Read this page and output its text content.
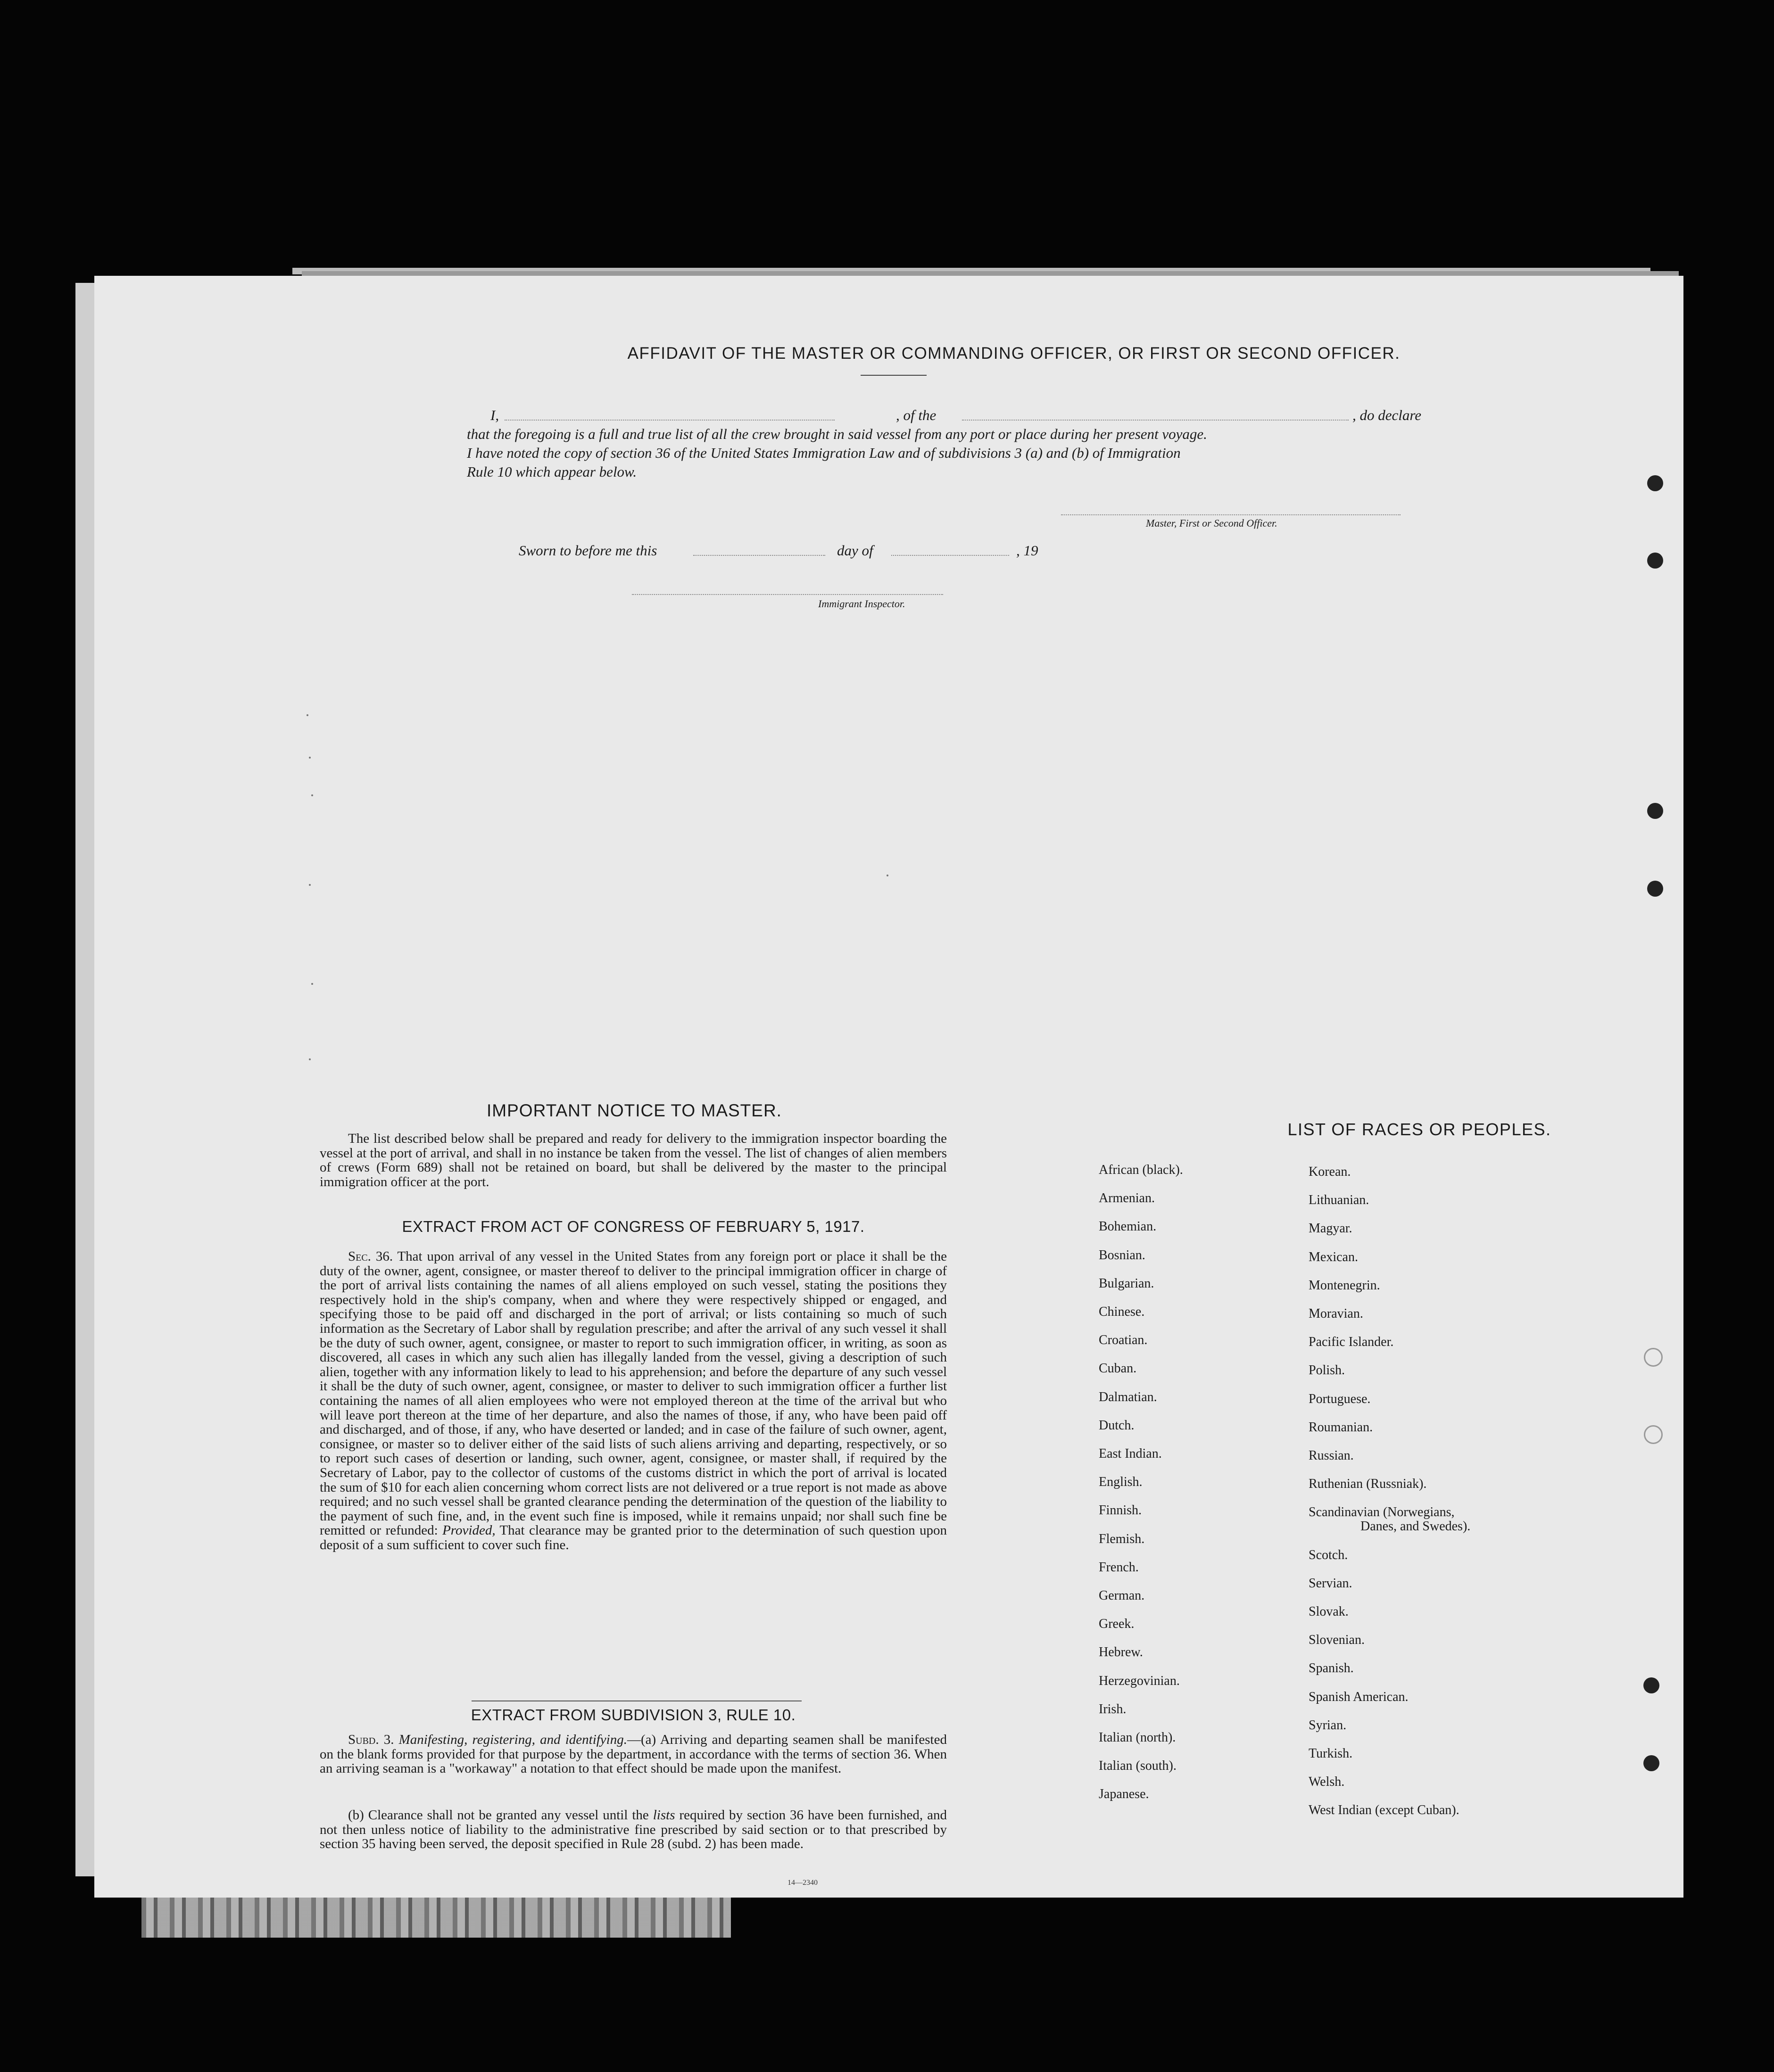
AFFIDAVIT OF THE MASTER OR COMMANDING OFFICER, OR FIRST OR SECOND OFFICER.
I,	, of the	, do declare
that the foregoing is a full and true list of all the crew brought in said vessel from any port or place during her present voyage.
I have noted the copy of section 36 of the United States Immigration Law and of subdivisions 3 (a) and (b) of Immigration
Rule 10 which appear below.
Master, First or Second Officer.
Sworn to before me this	day of	, 19
Immigrant Inspector.
IMPORTANT NOTICE TO MASTER.
The list described below shall be prepared and ready for delivery to the immigration inspector boarding the vessel at the port of arrival, and shall in no instance be taken from the vessel. The list of changes of alien members of crews (Form 689) shall not be retained on board, but shall be delivered by the master to the principal immigration officer at the port.
EXTRACT FROM ACT OF CONGRESS OF FEBRUARY 5, 1917.
Sec. 36. That upon arrival of any vessel in the United States from any foreign port or place it shall be the duty of the owner, agent, consignee, or master thereof to deliver to the principal immigration officer in charge of the port of arrival lists containing the names of all aliens employed on such vessel, stating the positions they respectively hold in the ship's company, when and where they were respectively shipped or engaged, and specifying those to be paid off and discharged in the port of arrival; or lists containing so much of such information as the Secretary of Labor shall by regulation prescribe; and after the arrival of any such vessel it shall be the duty of such owner, agent, consignee, or master to report to such immigration officer, in writing, as soon as discovered, all cases in which any such alien has illegally landed from the vessel, giving a description of such alien, together with any information likely to lead to his apprehension; and before the departure of any such vessel it shall be the duty of such owner, agent, consignee, or master to deliver to such immigration officer a further list containing the names of all alien employees who were not employed thereon at the time of the arrival but who will leave port thereon at the time of her departure, and also the names of those, if any, who have been paid off and discharged, and of those, if any, who have deserted or landed; and in case of the failure of such owner, agent, consignee, or master so to deliver either of the said lists of such aliens arriving and departing, respectively, or so to report such cases of desertion or landing, such owner, agent, consignee, or master shall, if required by the Secretary of Labor, pay to the collector of customs of the customs district in which the port of arrival is located the sum of $10 for each alien concerning whom correct lists are not delivered or a true report is not made as above required; and no such vessel shall be granted clearance pending the determination of the question of the liability to the payment of such fine, and, in the event such fine is imposed, while it remains unpaid; nor shall such fine be remitted or refunded: Provided, That clearance may be granted prior to the determination of such question upon deposit of a sum sufficient to cover such fine.
EXTRACT FROM SUBDIVISION 3, RULE 10.
Subd. 3. Manifesting, registering, and identifying.—(a) Arriving and departing seamen shall be manifested on the blank forms provided for that purpose by the department, in accordance with the terms of section 36. When an arriving seaman is a "workaway" a notation to that effect should be made upon the manifest.
(b) Clearance shall not be granted any vessel until the lists required by section 36 have been furnished, and not then unless notice of liability to the administrative fine prescribed by said section or to that prescribed by section 35 having been served, the deposit specified in Rule 28 (subd. 2) has been made.
14—2340
LIST OF RACES OR PEOPLES.
African (black).
Armenian.
Bohemian.
Bosnian.
Bulgarian.
Chinese.
Croatian.
Cuban.
Dalmatian.
Dutch.
East Indian.
English.
Finnish.
Flemish.
French.
German.
Greek.
Hebrew.
Herzegovinian.
Irish.
Italian (north).
Italian (south).
Japanese.
Korean.
Lithuanian.
Magyar.
Mexican.
Montenegrin.
Moravian.
Pacific Islander.
Polish.
Portuguese.
Roumanian.
Russian.
Ruthenian (Russniak).
Scandinavian (Norwegians,
Danes, and Swedes).
Scotch.
Servian.
Slovak.
Slovenian.
Spanish.
Spanish American.
Syrian.
Turkish.
Welsh.
West Indian (except Cuban).
